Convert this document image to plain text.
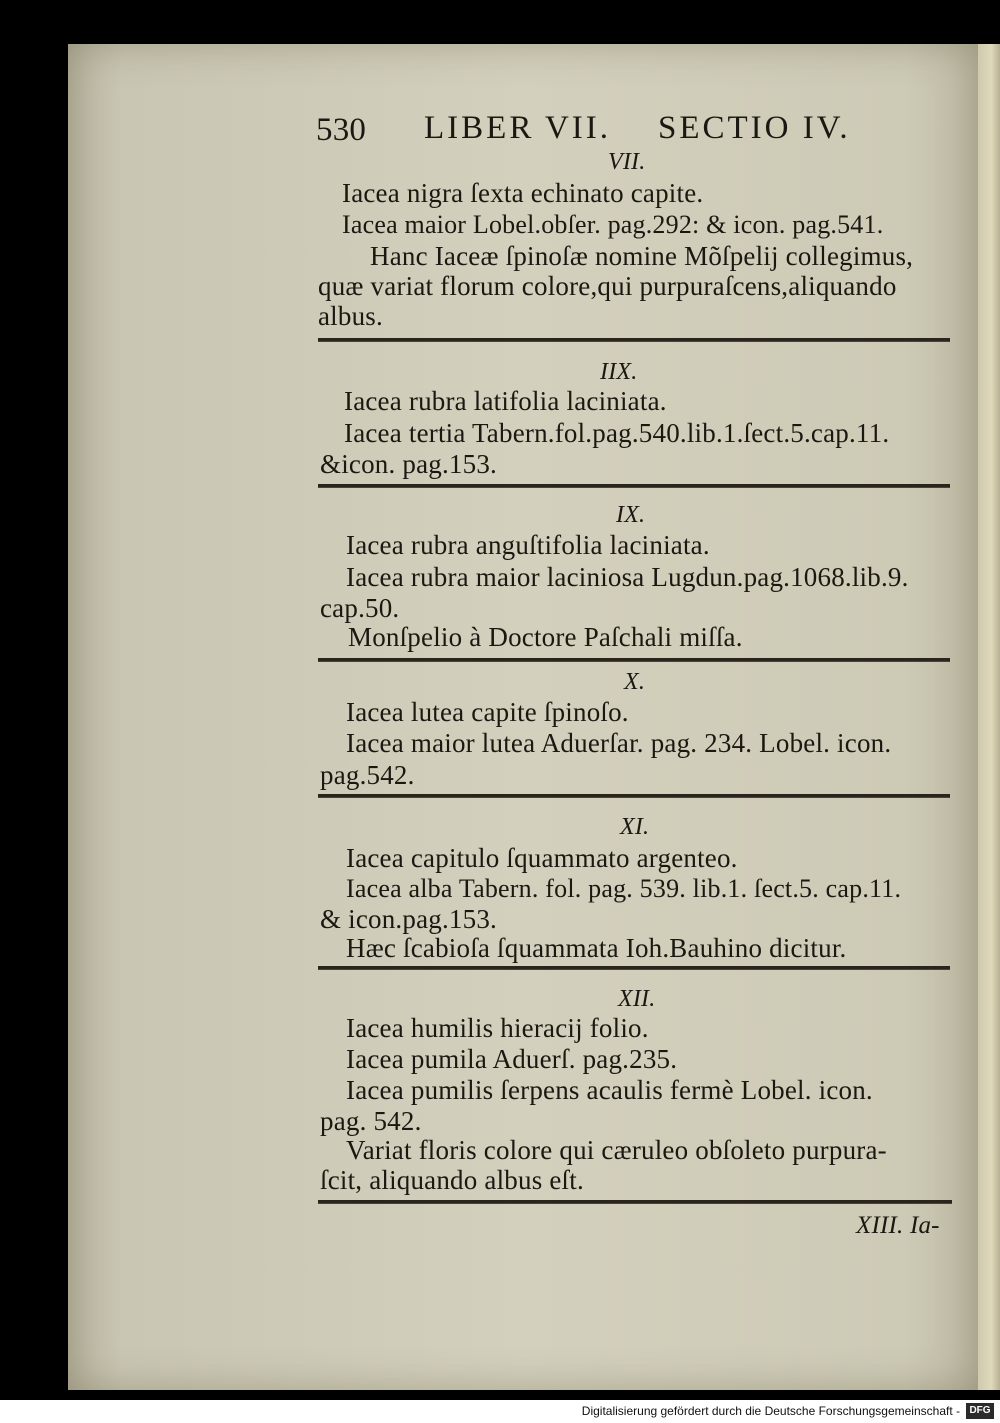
530 LIBER VII. SECTIO IV.
VII.
Iacea nigra ſexta echinato capite.
Iacea maior Lobel.obſer. pag.292: & icon. pag.541.
Hanc Iaceæ ſpinoſæ nomine Mõſpelij collegimus,
quæ variat florum colore,qui purpuraſcens,aliquando
albus.
IIX.
Iacea rubra latifolia laciniata.
Iacea tertia Tabern.fol.pag.540.lib.1.ſect.5.cap.11.
&icon. pag.153.
IX.
Iacea rubra anguſtifolia laciniata.
Iacea rubra maior laciniosa Lugdun.pag.1068.lib.9.
cap.50.
Monſpelio à Doctore Paſchali miſſa.
X.
Iacea lutea capite ſpinoſo.
Iacea maior lutea Aduerſar. pag. 234. Lobel. icon.
pag.542.
XI.
Iacea capitulo ſquammato argenteo.
Iacea alba Tabern. fol. pag. 539. lib.1. ſect.5. cap.11.
& icon.pag.153.
Hæc ſcabioſa ſquammata Ioh.Bauhino dicitur.
XII.
Iacea humilis hieracij folio.
Iacea pumila Aduerſ. pag.235.
Iacea pumilis ſerpens acaulis fermè Lobel. icon.
pag. 542.
Variat floris colore qui cæruleo obſoleto purpura-
ſcit, aliquando albus eſt.
XIII. Ia-
Digitalisierung gefördert durch die Deutsche Forschungsgemeinschaft - DFG
